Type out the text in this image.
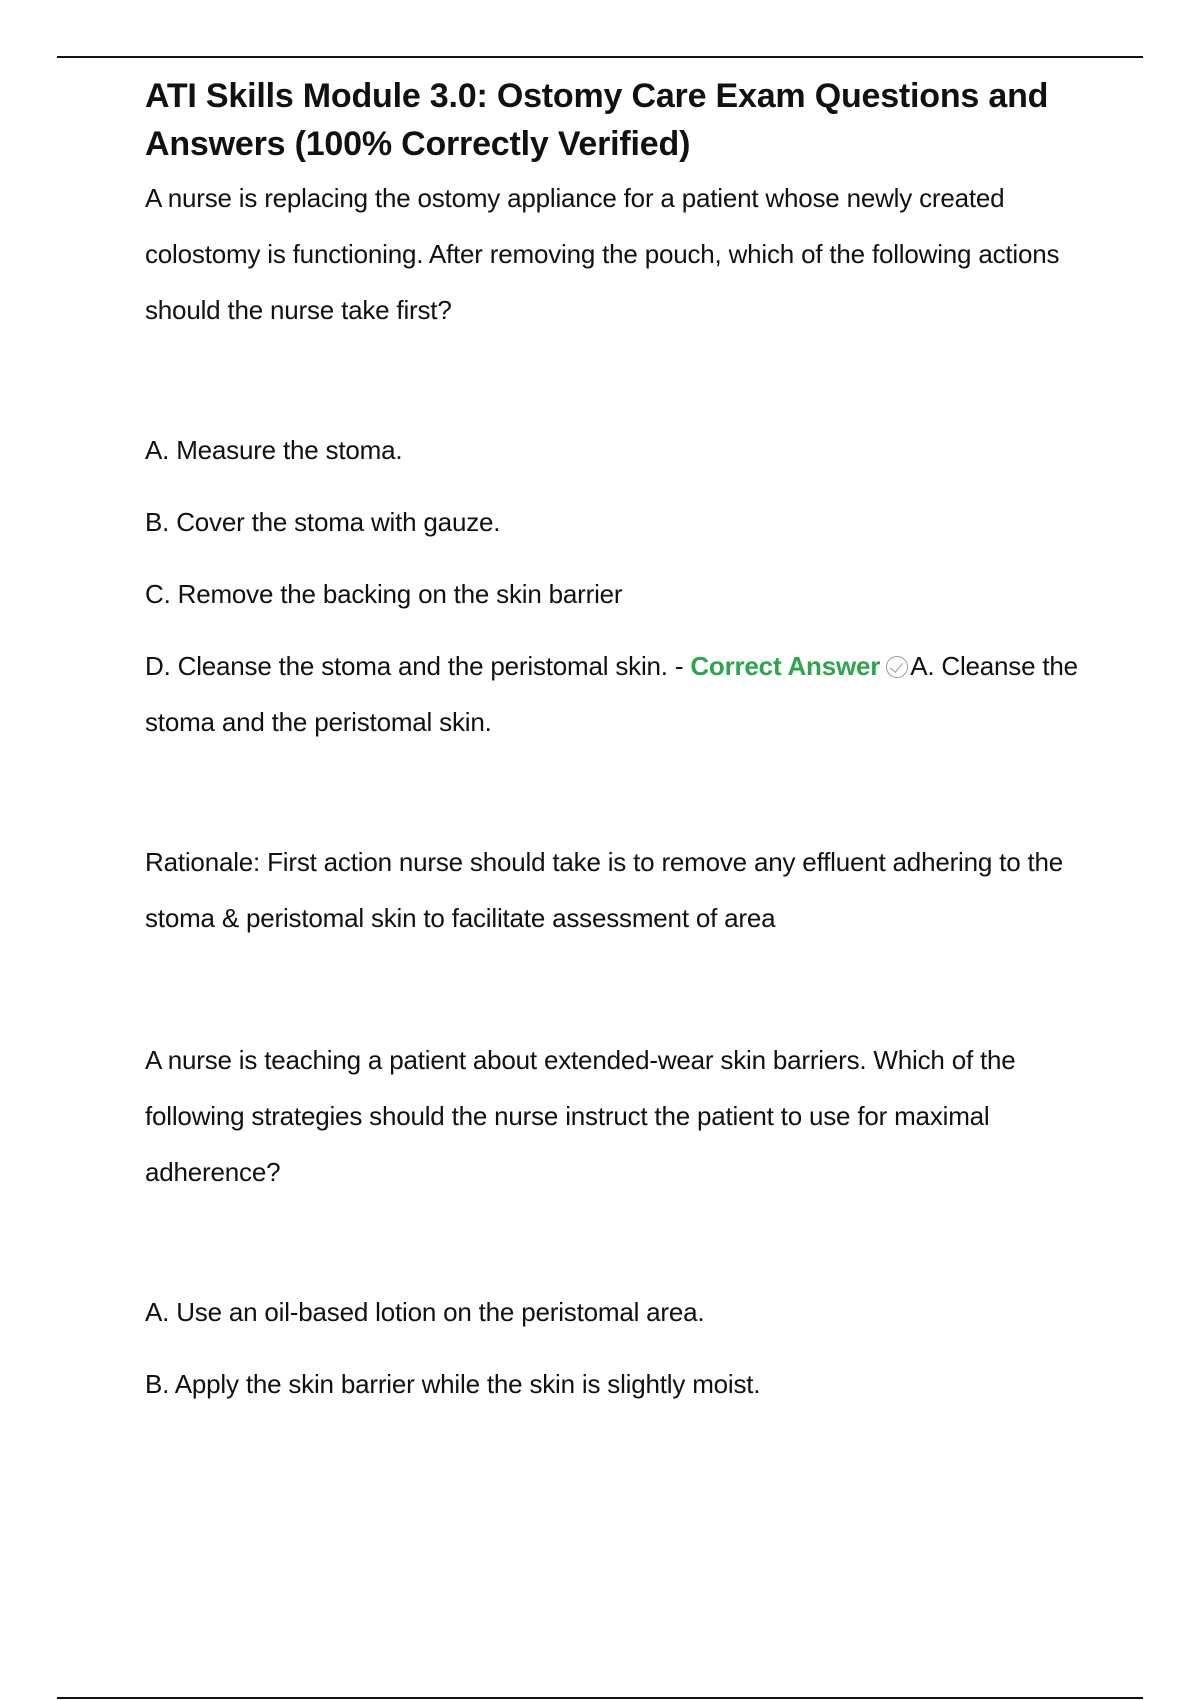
ATI Skills Module 3.0: Ostomy Care Exam Questions and Answers (100% Correctly Verified)

A nurse is replacing the ostomy appliance for a patient whose newly created colostomy is functioning. After removing the pouch, which of the following actions should the nurse take first?

A. Measure the stoma.

B. Cover the stoma with gauze.

C. Remove the backing on the skin barrier

D. Cleanse the stoma and the peristomal skin. - Correct Answer A. Cleanse the stoma and the peristomal skin.

Rationale: First action nurse should take is to remove any effluent adhering to the stoma & peristomal skin to facilitate assessment of area

A nurse is teaching a patient about extended-wear skin barriers. Which of the following strategies should the nurse instruct the patient to use for maximal adherence?

A. Use an oil-based lotion on the peristomal area.

B. Apply the skin barrier while the skin is slightly moist.
